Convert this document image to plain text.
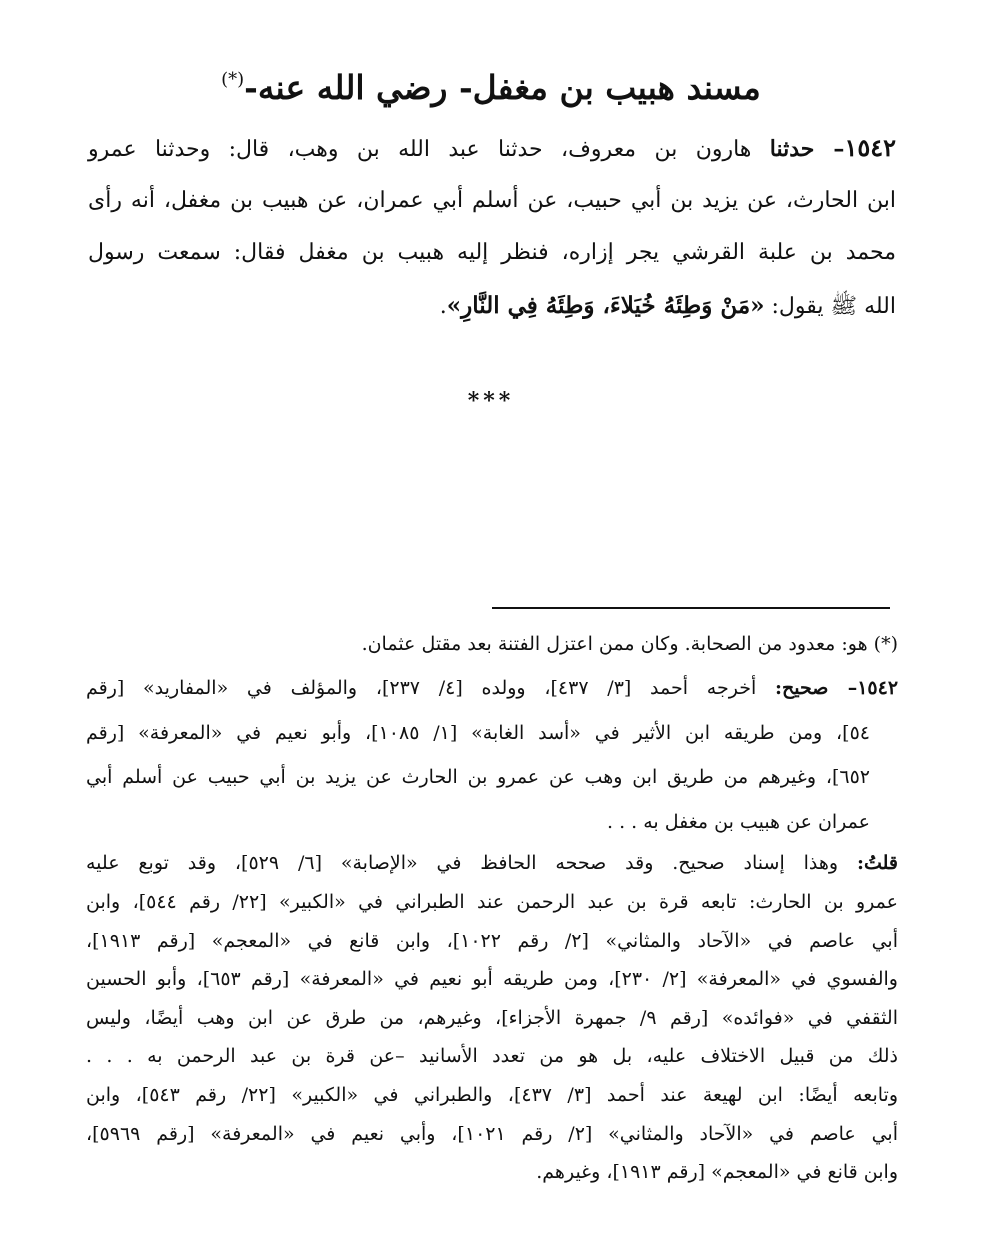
مسند هبيب بن مغفل- رضي الله عنه-(*)
١٥٤٢– حدثنا هارون بن معروف، حدثنا عبد الله بن وهب، قال: وحدثنا عمرو
ابن الحارث، عن يزيد بن أبي حبيب، عن أسلم أبي عمران، عن هبيب بن مغفل، أنه رأى
محمد بن علبة القرشي يجر إزاره، فنظر إليه هبيب بن مغفل فقال: سمعت رسول
الله ﷺ يقول: «مَنْ وَطِئَهُ خُيَلاءَ، وَطِئَهُ فِي النَّارِ».
***
(*) هو: معدود من الصحابة. وكان ممن اعتزل الفتنة بعد مقتل عثمان.
١٥٤٢– صحيح: أخرجه أحمد [٣/ ٤٣٧]، وولده [٤/ ٢٣٧]، والمؤلف في «المفاريد» [رقم
٥٤]، ومن طريقه ابن الأثير في «أسد الغابة» [١/ ١٠٨٥]، وأبو نعيم في «المعرفة» [رقم
٦٥٢]، وغيرهم من طريق ابن وهب عن عمرو بن الحارث عن يزيد بن أبي حبيب عن أسلم أبي
عمران عن هبيب بن مغفل به . . .
قلتُ: وهذا إسناد صحيح. وقد صححه الحافظ في «الإصابة» [٦/ ٥٢٩]، وقد توبع عليه
عمرو بن الحارث: تابعه قرة بن عبد الرحمن عند الطبراني في «الكبير» [٢٢/ رقم ٥٤٤]، وابن
أبي عاصم في «الآحاد والمثاني» [٢/ رقم ١٠٢٢]، وابن قانع في «المعجم» [رقم ١٩١٣]،
والفسوي في «المعرفة» [٢/ ٢٣٠]، ومن طريقه أبو نعيم في «المعرفة» [رقم ٦٥٣]، وأبو الحسين
الثقفي في «فوائده» [رقم ٩/ جمهرة الأجزاء]، وغيرهم، من طرق عن ابن وهب أيضًا، وليس
ذلك من قبيل الاختلاف عليه، بل هو من تعدد الأسانيد –عن قرة بن عبد الرحمن به . . .
وتابعه أيضًا: ابن لهيعة عند أحمد [٣/ ٤٣٧]، والطبراني في «الكبير» [٢٢/ رقم ٥٤٣]، وابن
أبي عاصم في «الآحاد والمثاني» [٢/ رقم ١٠٢١]، وأبي نعيم في «المعرفة» [رقم ٥٩٦٩]،
وابن قانع في «المعجم» [رقم ١٩١٣]، وغيرهم.
